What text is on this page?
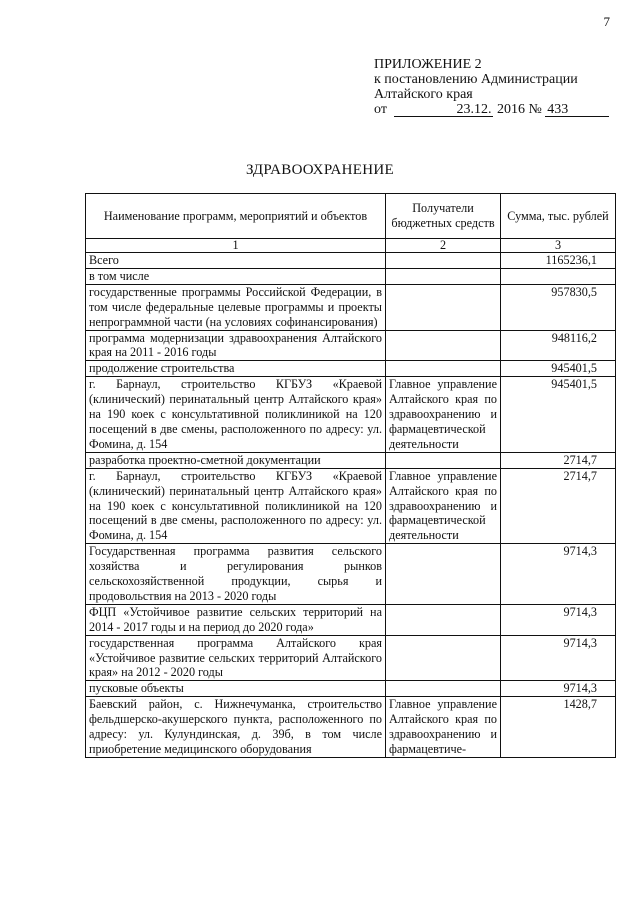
7
ПРИЛОЖЕНИЕ 2
к постановлению Администрации
Алтайского края
от	23.12. 2016 № 433
ЗДРАВООХРАНЕНИЕ
Наименование программ, мероприятий и объектов	Получатели бюджетных средств	Сумма, тыс. рублей
1	2	3
Всего		1165236,1
в том числе		
государственные программы Российской Федерации, в том числе федеральные целевые программы и проекты непрограммной части (на условиях софинансирования)		957830,5
программа модернизации здравоохранения Алтайского края на 2011 - 2016 годы		948116,2
продолжение строительства		945401,5
г. Барнаул, строительство КГБУЗ «Краевой (клинический) перинатальный центр Алтайского края» на 190 коек с консультативной поликлиникой на 120 посещений в две смены, расположенного по адресу: ул. Фомина, д. 154	Главное управление Алтайского края по здравоохранению и фармацевтической деятельности	945401,5
разработка проектно-сметной документации		2714,7
г. Барнаул, строительство КГБУЗ «Краевой (клинический) перинатальный центр Алтайского края» на 190 коек с консультативной поликлиникой на 120 посещений в две смены, расположенного по адресу: ул. Фомина, д. 154	Главное управление Алтайского края по здравоохранению и фармацевтической деятельности	2714,7
Государственная программа развития сельского хозяйства и регулирования рынков сельскохозяйственной продукции, сырья и продовольствия на 2013 - 2020 годы		9714,3
ФЦП «Устойчивое развитие сельских территорий на 2014 - 2017 годы и на период до 2020 года»		9714,3
государственная программа Алтайского края «Устойчивое развитие сельских территорий Алтайского края» на 2012 - 2020 годы		9714,3
пусковые объекты		9714,3
Баевский район, с. Нижнечуманка, строительство фельдшерско-акушерского пункта, расположенного по адресу: ул. Кулундинская, д. 39б, в том числе приобретение медицинского оборудования	Главное управление Алтайского края по здравоохранению и фармацевтиче-	1428,7
